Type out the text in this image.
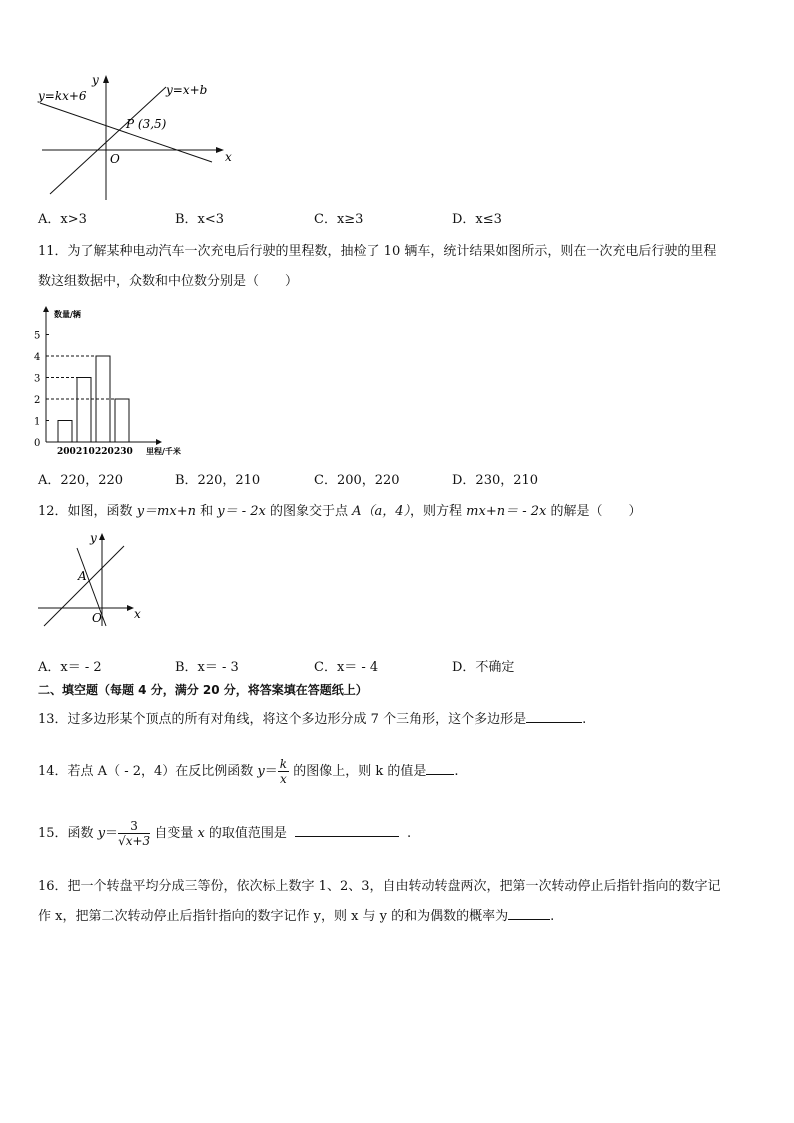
y=kx+6	y=x+b
P (3,5)
x
y
O
A．x>3	B．x<3	C．x≥3	D．x≤3
11．为了解某种电动汽车一次充电后行驶的里程数，抽检了 10 辆车，统计结果如图所示，则在一次充电后行驶的里程
数这组数据中，众数和中位数分别是（　　）
0
1
2
3
4
5
数量/辆
里程/千米
200 210 220 230
A．220，220	B．220，210	C．200，220	D．230，210
12．如图，函数 y＝mx+n 和 y＝ - 2x 的图象交于点 A（a，4），则方程 mx+n＝ - 2x 的解是（　　）
A
x
y
O
A．x＝ - 2	B．x＝ - 3	C．x＝ - 4	D．不确定
二、填空题（每题 4 分，满分 20 分，将答案填在答题纸上）
13．过多边形某个顶点的所有对角线，将这个多边形分成 7 个三角形，这个多边形是	.
14．若点 A（ - 2，4）在反比例函数 $y= \frac{k}{x}$ 的图像上，则 k 的值是 .
15．函数 $y= \frac{3}{√x+3}$ 自变量 x 的取值范围是	.
16．把一个转盘平均分成三等份，依次标上数字 1、2、3，自由转动转盘两次，把第一次转动停止后指针指向的数字记
作 x，把第二次转动停止后指针指向的数字记作 y，则 x 与 y 的和为偶数的概率为	.
